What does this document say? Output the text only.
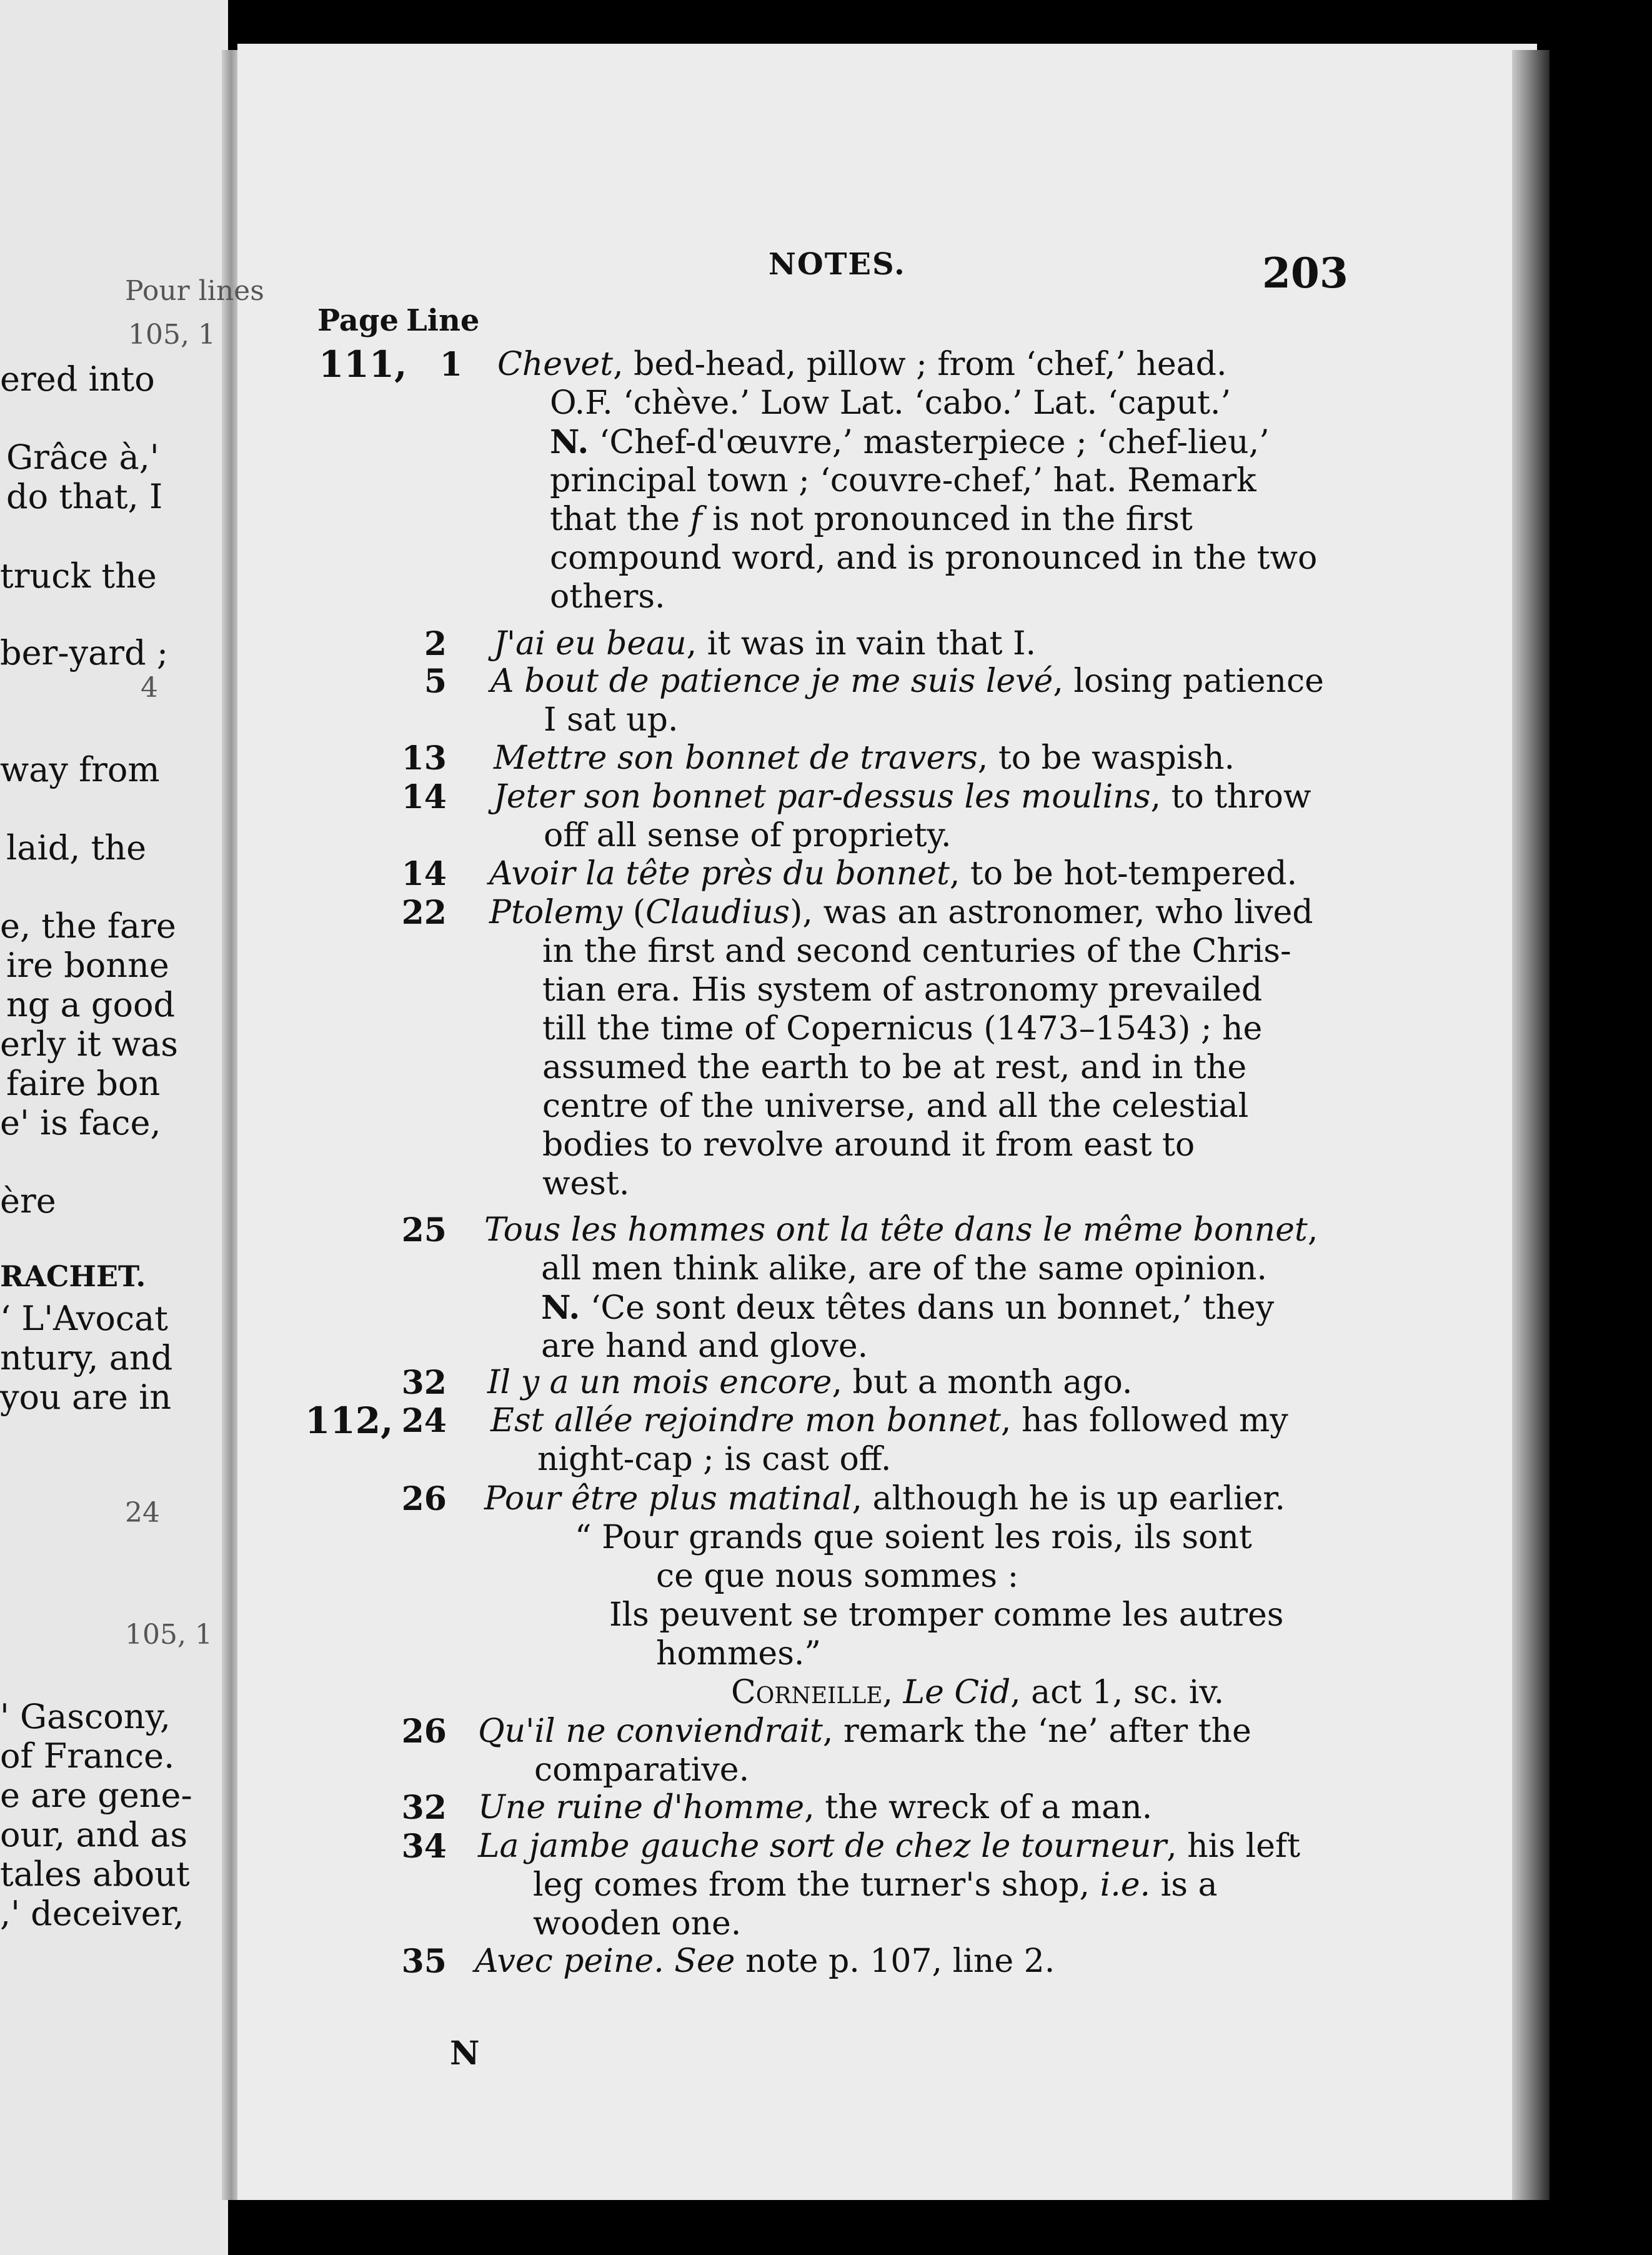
Pour lines
105, 1
ered into
Grâce à,'
do that, I
truck the
ber-yard ;
4
way from
laid, the
e, the fare
ire bonne
ng a good
erly it was
faire bon
e' is face,
ère
RACHET.
‘ L'Avocat
ntury, and
you are in
24
105, 1
' Gascony,
of France.
e are gene-
our, and as
tales about
,' deceiver,
NOTES.	203
Page Line
111,	1 Chevet, bed-head, pillow ; from ‘chef,’ head.
O.F. ‘chève.’ Low Lat. ‘cabo.’ Lat. ‘caput.’
N. ‘Chef-d'œuvre,’ masterpiece ; ‘chef-lieu,’
principal town ; ‘couvre-chef,’ hat. Remark
that the f is not pronounced in the first
compound word, and is pronounced in the two
others.
2 J'ai eu beau, it was in vain that I.
5 A bout de patience je me suis levé, losing patience
I sat up.
13 Mettre son bonnet de travers, to be waspish.
14 Jeter son bonnet par-dessus les moulins, to throw
off all sense of propriety.
14 Avoir la tête près du bonnet, to be hot-tempered.
22 Ptolemy (Claudius), was an astronomer, who lived
in the first and second centuries of the Chris-
tian era. His system of astronomy prevailed
till the time of Copernicus (1473–1543) ; he
assumed the earth to be at rest, and in the
centre of the universe, and all the celestial
bodies to revolve around it from east to
west.
25 Tous les hommes ont la tête dans le même bonnet,
all men think alike, are of the same opinion.
N. ‘Ce sont deux têtes dans un bonnet,’ they
are hand and glove.
32 Il y a un mois encore, but a month ago.
112, 24 Est allée rejoindre mon bonnet, has followed my
night-cap ; is cast off.
26 Pour être plus matinal, although he is up earlier.
“ Pour grands que soient les rois, ils sont
ce que nous sommes :
Ils peuvent se tromper comme les autres
hommes.”
Corneille, Le Cid, act 1, sc. iv.
26 Qu'il ne conviendrait, remark the ‘ne’ after the
comparative.
32 Une ruine d'homme, the wreck of a man.
34 La jambe gauche sort de chez le tourneur, his left
leg comes from the turner's shop, i.e. is a
wooden one.
35 Avec peine. See note p. 107, line 2.
N
